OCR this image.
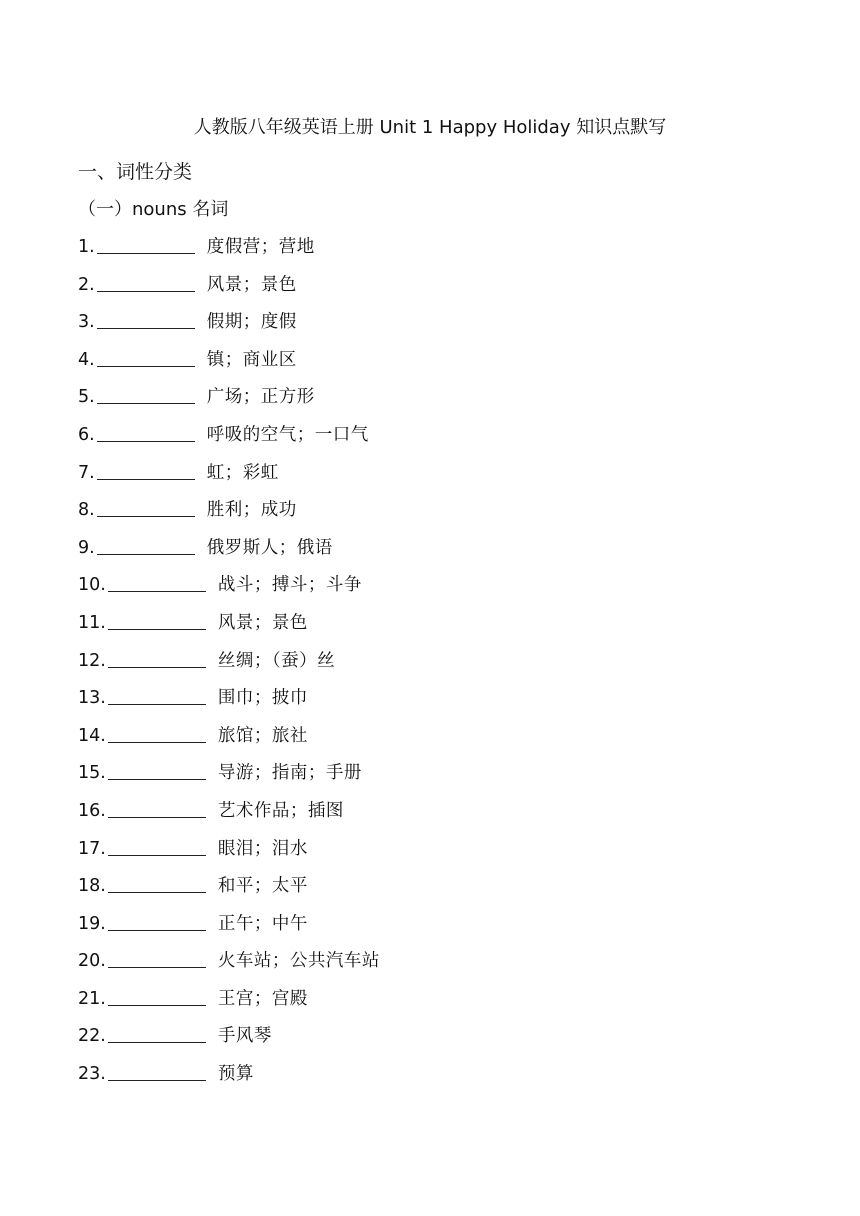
人教版八年级英语上册 Unit 1 Happy Holiday 知识点默写
一、词性分类
（一）nouns 名词
1.	度假营；营地
2.	风景；景色
3.	假期；度假
4.	镇；商业区
5.	广场；正方形
6.	呼吸的空气；一口气
7.	虹；彩虹
8.	胜利；成功
9.	俄罗斯人；俄语
10.	战斗；搏斗；斗争
11.	风景；景色
12.	丝绸；（蚕）丝
13.	围巾；披巾
14.	旅馆；旅社
15.	导游；指南；手册
16.	艺术作品；插图
17.	眼泪；泪水
18.	和平；太平
19.	正午；中午
20.	火车站；公共汽车站
21.	王宫；宫殿
22.	手风琴
23.	预算
